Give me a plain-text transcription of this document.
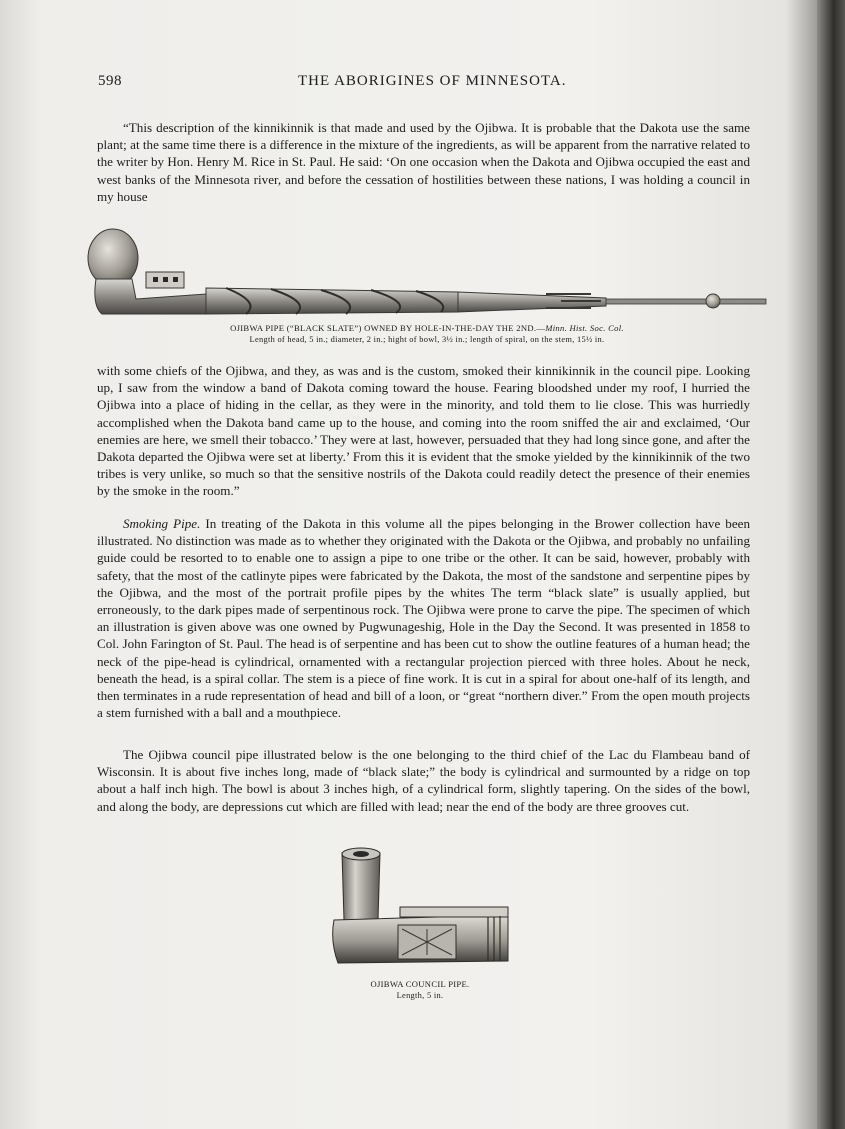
598	THE ABORIGINES OF MINNESOTA.

“This description of the kinnikinnik is that made and used by the Ojibwa. It is probable that the Dakota use the same plant; at the same time there is a difference in the mixture of the ingredients, as will be apparent from the narrative related to the writer by Hon. Henry M. Rice in St. Paul. He said: ‘On one occasion when the Dakota and Ojibwa occupied the east and west banks of the Minnesota river, and before the cessation of hostilities between these nations, I was holding a council in my house

OJIBWA PIPE (“BLACK SLATE”) OWNED BY HOLE-IN-THE-DAY THE 2ND.—Minn. Hist. Soc. Col.
Length of head, 5 in.; diameter, 2 in.; hight of bowl, 3½ in.; length of spiral, on the stem, 15½ in.

with some chiefs of the Ojibwa, and they, as was and is the custom, smoked their kinnikinnik in the council pipe. Looking up, I saw from the window a band of Dakota coming toward the house. Fearing bloodshed under my roof, I hurried the Ojibwa into a place of hiding in the cellar, as they were in the minority, and told them to lie close. This was hurriedly accomplished when the Dakota band came up to the house, and coming into the room sniffed the air and exclaimed, ‘Our enemies are here, we smell their tobacco.’ They were at last, however, persuaded that they had long since gone, and after the Dakota departed the Ojibwa were set at liberty.’ From this it is evident that the smoke yielded by the kinnikinnik of the two tribes is very unlike, so much so that the sensitive nostrils of the Dakota could readily detect the presence of their enemies by the smoke in the room.”

Smoking Pipe. In treating of the Dakota in this volume all the pipes belonging in the Brower collection have been illustrated. No distinction was made as to whether they originated with the Dakota or the Ojibwa, and probably no unfailing guide could be resorted to to enable one to assign a pipe to one tribe or the other. It can be said, however, probably with safety, that the most of the catlinyte pipes were fabricated by the Dakota, the most of the sandstone and serpentine pipes by the Ojibwa, and the most of the portrait profile pipes by the whites The term “black slate” is usually applied, but erroneously, to the dark pipes made of serpentinous rock. The Ojibwa were prone to carve the pipe. The specimen of which an illustration is given above was one owned by Pugwunageshig, Hole in the Day the Second. It was presented in 1858 to Col. John Farington of St. Paul. The head is of serpentine and has been cut to show the outline features of a human head; the neck of the pipe-head is cylindrical, ornamented with a rectangular projection pierced with three holes. About he neck, beneath the head, is a spiral collar. The stem is a piece of fine work. It is cut in a spiral for about one-half of its length, and then terminates in a rude representation of head and bill of a loon, or “great “northern diver.” From the open mouth projects a stem furnished with a ball and a mouthpiece.

The Ojibwa council pipe illustrated below is the one belonging to the third chief of the Lac du Flambeau band of Wisconsin. It is about five inches long, made of “black slate;” the body is cylindrical and surmounted by a ridge on top about a half inch high. The bowl is about 3 inches high, of a cylindrical form, slightly tapering. On the sides of the bowl, and along the body, are depressions cut which are filled with lead; near the end of the body are three grooves cut.

OJIBWA COUNCIL PIPE.
Length, 5 in.
